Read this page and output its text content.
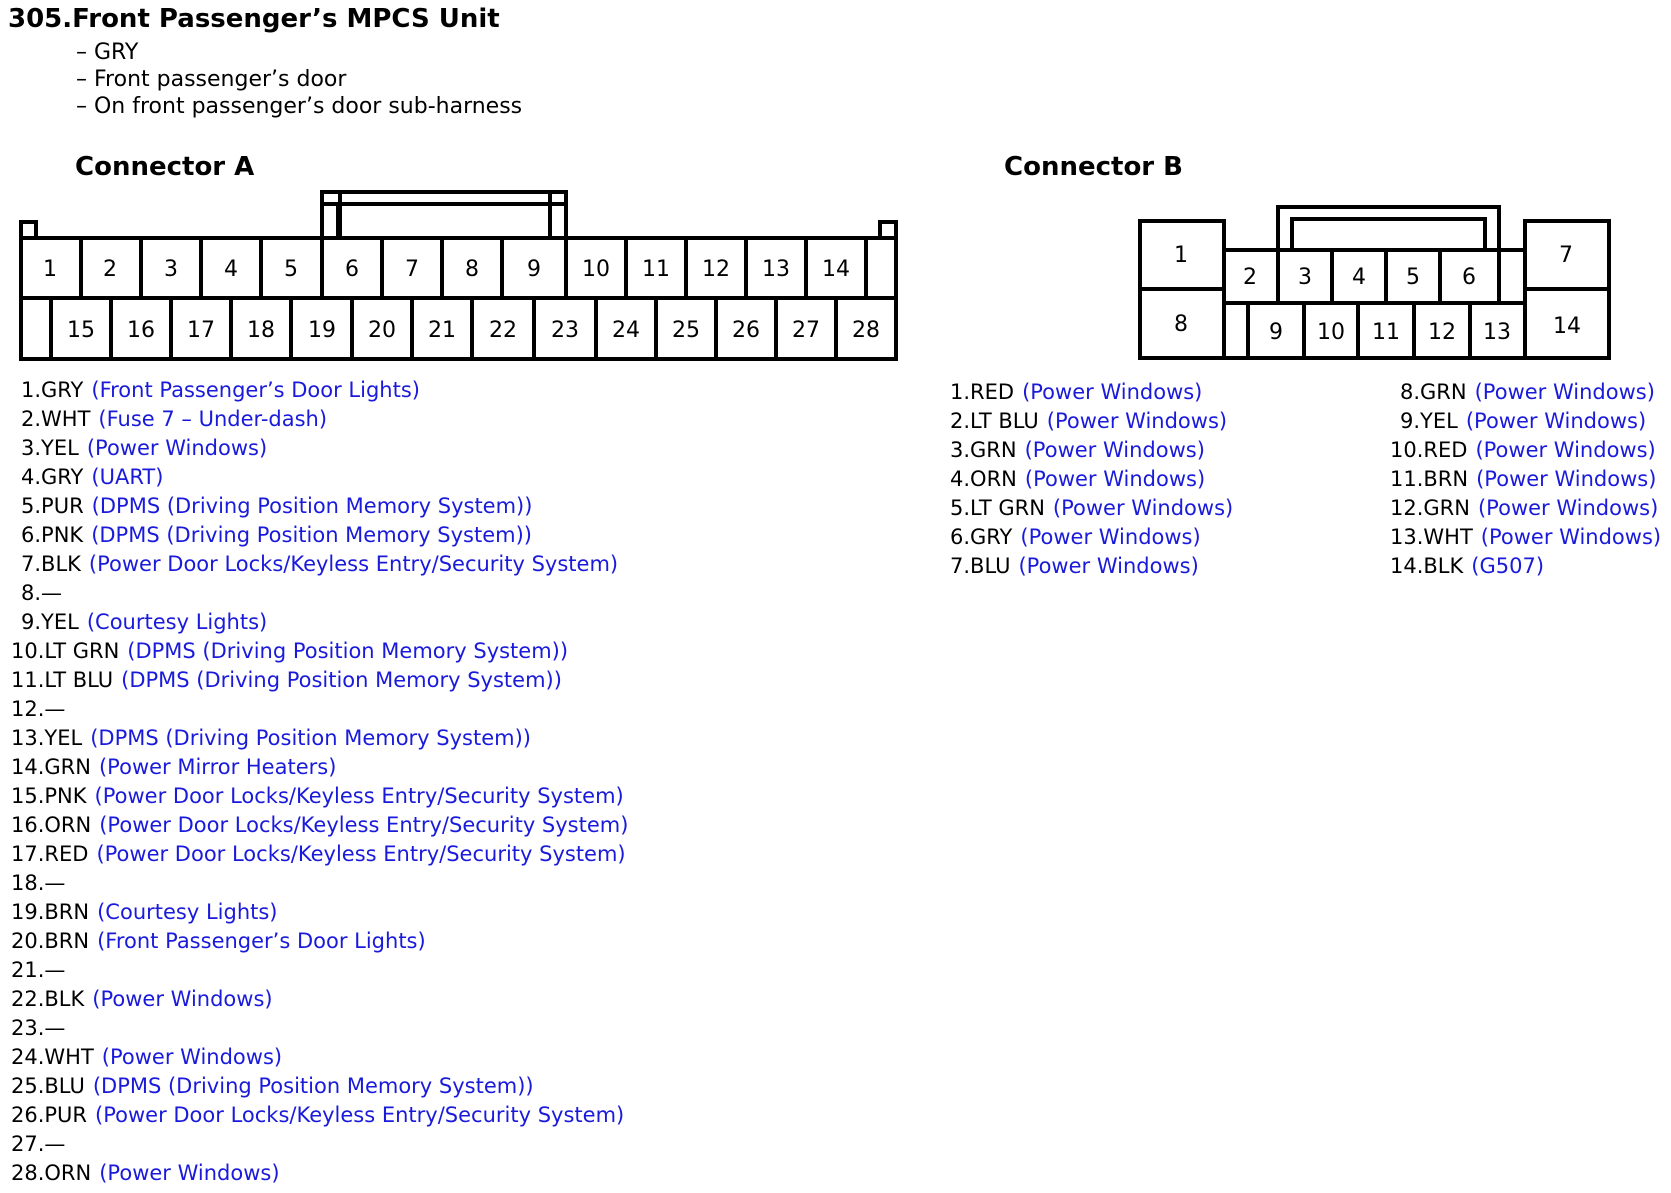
305.Front Passenger’s MPCS Unit
– GRY
– Front passenger’s door
– On front passenger’s door sub-harness
Connector A	Connector B
1 2 3 4 5 6 7 8 9 10 11 12 13 14
15 16 17 18 19 20 21 22 23 24 25 26 27 28
1
8
7
14
2 3 4 5 6
9 10 11 12 13
1.GRY (Front Passenger’s Door Lights)
2.WHT (Fuse 7 – Under-dash)
3.YEL (Power Windows)
4.GRY (UART)
5.PUR (DPMS (Driving Position Memory System))
6.PNK (DPMS (Driving Position Memory System))
7.BLK (Power Door Locks/Keyless Entry/Security System)
8.—
9.YEL (Courtesy Lights)
10.LT GRN (DPMS (Driving Position Memory System))
11.LT BLU (DPMS (Driving Position Memory System))
12.—
13.YEL (DPMS (Driving Position Memory System))
14.GRN (Power Mirror Heaters)
15.PNK (Power Door Locks/Keyless Entry/Security System)
16.ORN (Power Door Locks/Keyless Entry/Security System)
17.RED (Power Door Locks/Keyless Entry/Security System)
18.—
19.BRN (Courtesy Lights)
20.BRN (Front Passenger’s Door Lights)
21.—
22.BLK (Power Windows)
23.—
24.WHT (Power Windows)
25.BLU (DPMS (Driving Position Memory System))
26.PUR (Power Door Locks/Keyless Entry/Security System)
27.—
28.ORN (Power Windows)
1.RED (Power Windows)
2.LT BLU (Power Windows)
3.GRN (Power Windows)
4.ORN (Power Windows)
5.LT GRN (Power Windows)
6.GRY (Power Windows)
7.BLU (Power Windows)
8.GRN (Power Windows)
9.YEL (Power Windows)
10.RED (Power Windows)
11.BRN (Power Windows)
12.GRN (Power Windows)
13.WHT (Power Windows)
14.BLK (G507)
